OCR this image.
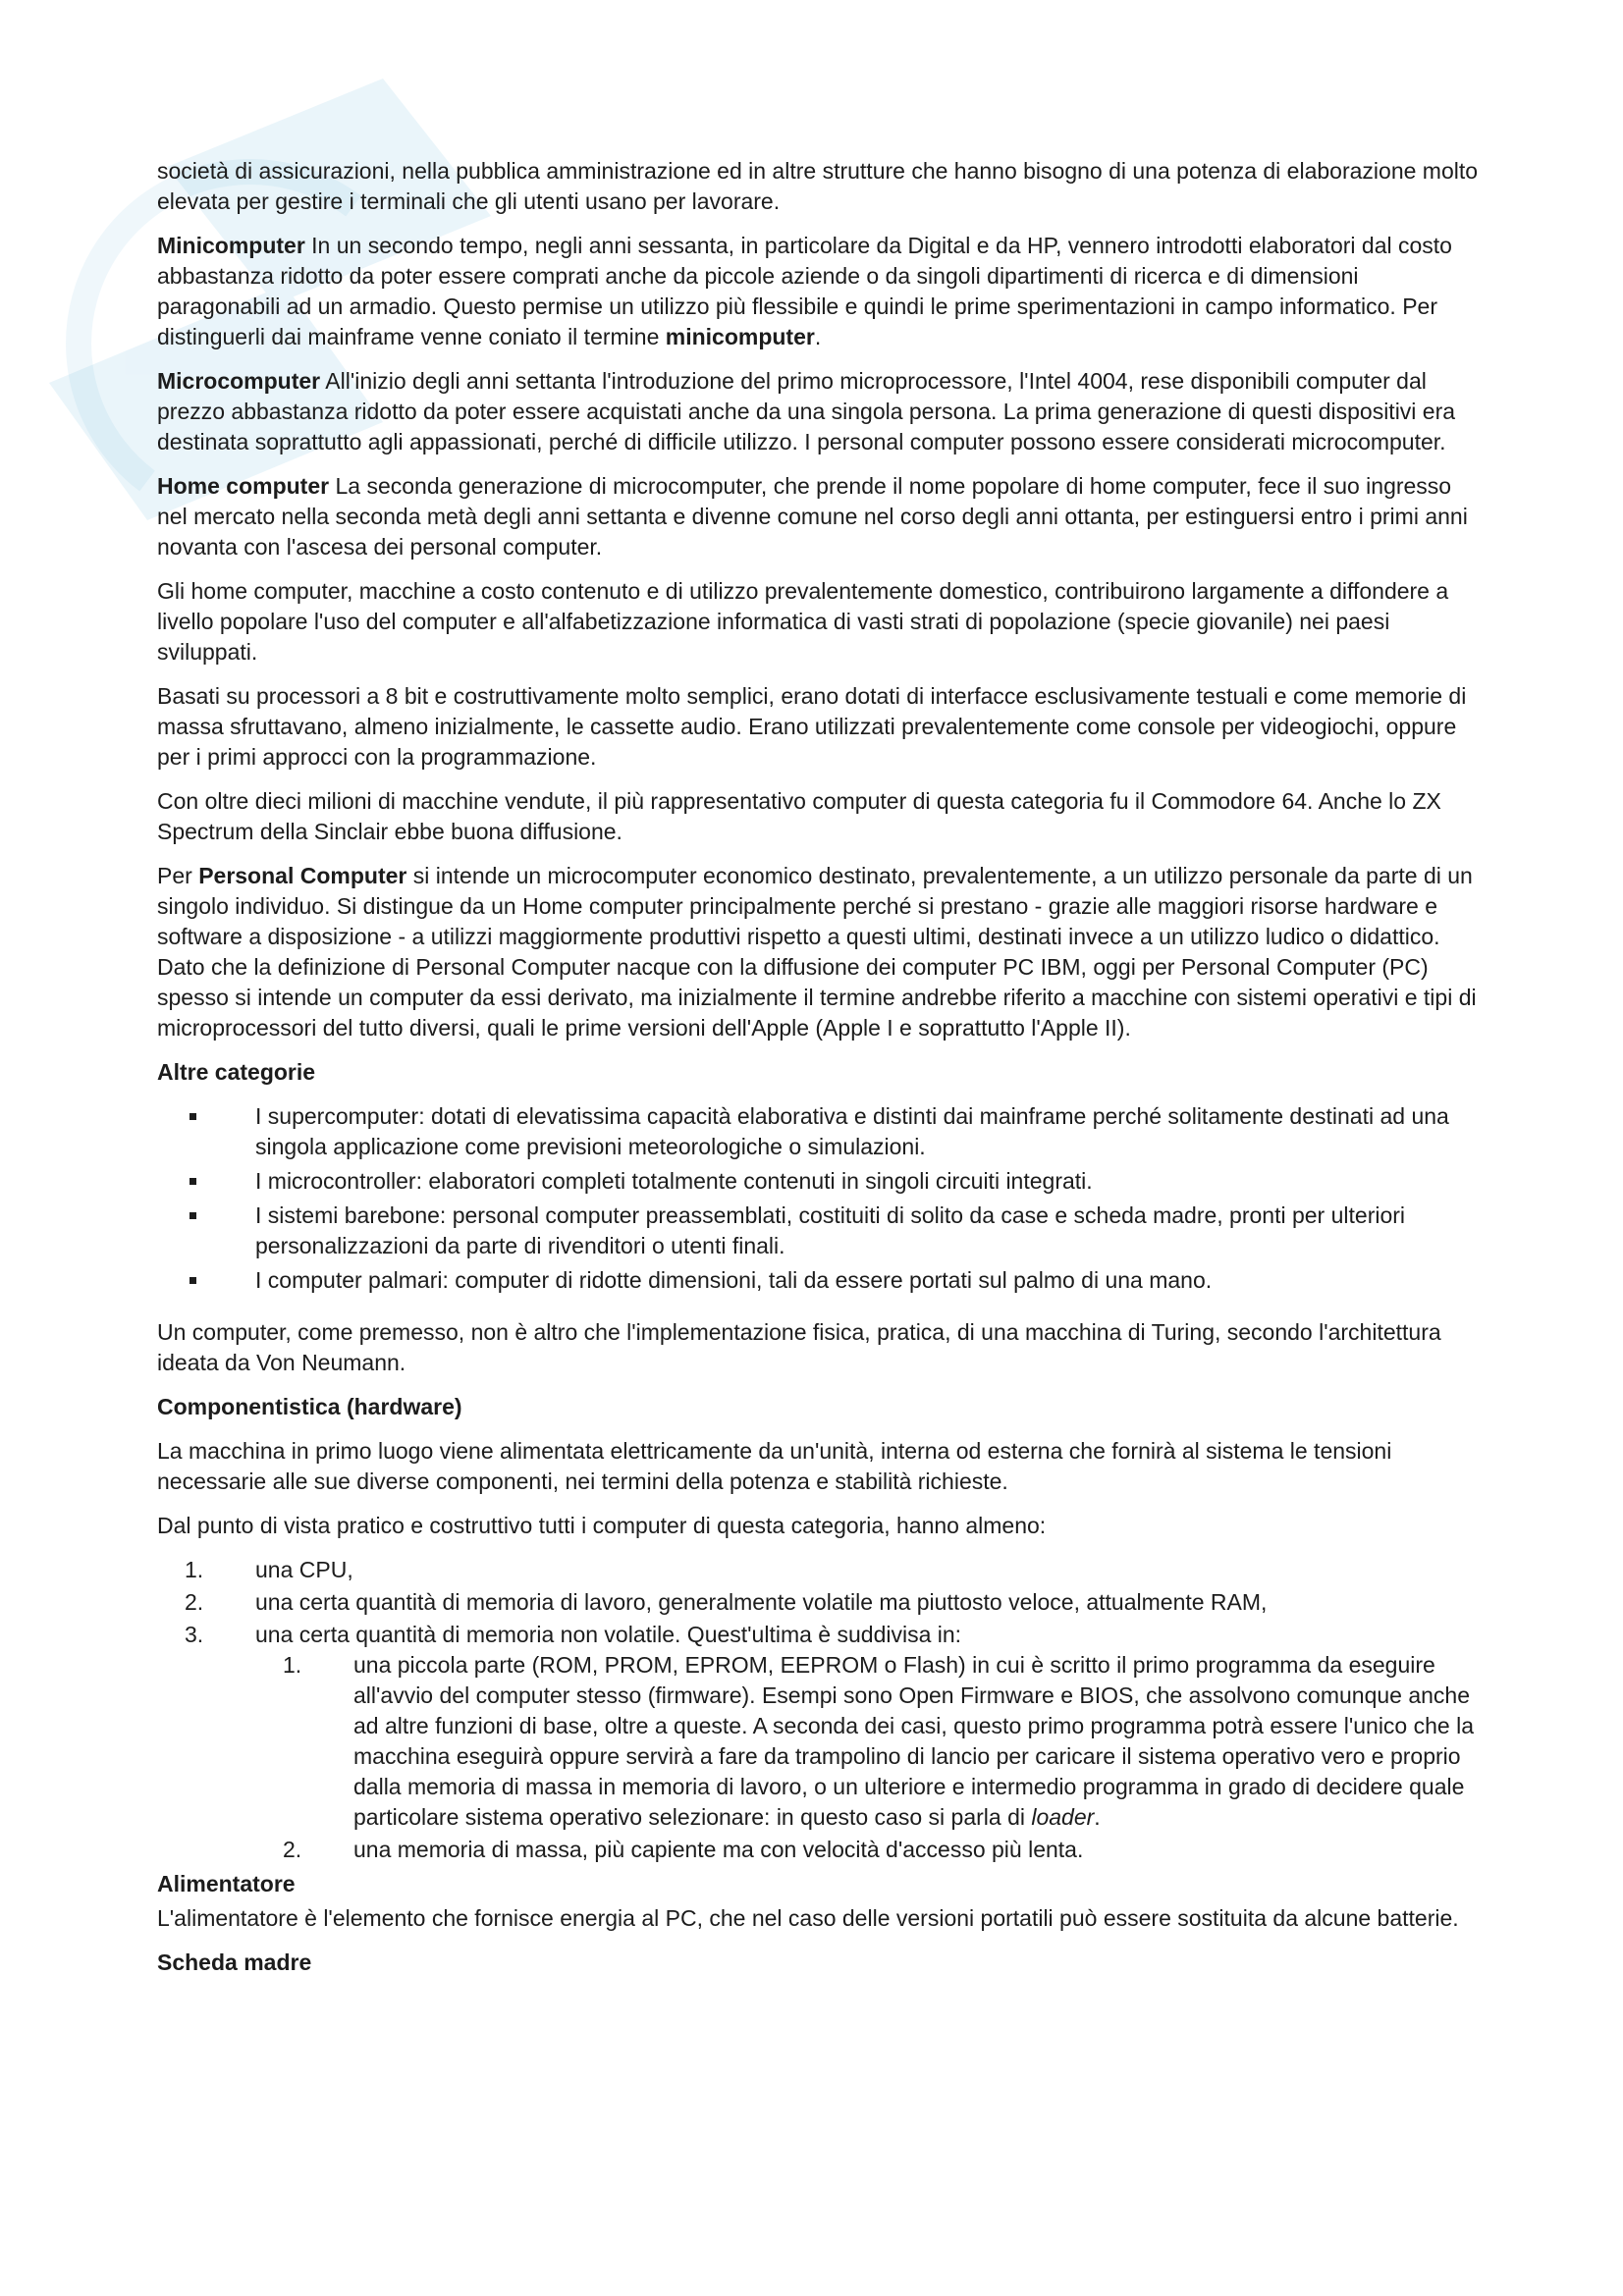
società di assicurazioni, nella pubblica amministrazione ed in altre strutture che hanno bisogno di una potenza di elaborazione molto elevata per gestire i terminali che gli utenti usano per lavorare.

Minicomputer In un secondo tempo, negli anni sessanta, in particolare da Digital e da HP, vennero introdotti elaboratori dal costo abbastanza ridotto da poter essere comprati anche da piccole aziende o da singoli dipartimenti di ricerca e di dimensioni paragonabili ad un armadio. Questo permise un utilizzo più flessibile e quindi le prime sperimentazioni in campo informatico. Per distinguerli dai mainframe venne coniato il termine minicomputer.

Microcomputer All'inizio degli anni settanta l'introduzione del primo microprocessore, l'Intel 4004, rese disponibili computer dal prezzo abbastanza ridotto da poter essere acquistati anche da una singola persona. La prima generazione di questi dispositivi era destinata soprattutto agli appassionati, perché di difficile utilizzo. I personal computer possono essere considerati microcomputer.

Home computer La seconda generazione di microcomputer, che prende il nome popolare di home computer, fece il suo ingresso nel mercato nella seconda metà degli anni settanta e divenne comune nel corso degli anni ottanta, per estinguersi entro i primi anni novanta con l'ascesa dei personal computer.

Gli home computer, macchine a costo contenuto e di utilizzo prevalentemente domestico, contribuirono largamente a diffondere a livello popolare l'uso del computer e all'alfabetizzazione informatica di vasti strati di popolazione (specie giovanile) nei paesi sviluppati.

Basati su processori a 8 bit e costruttivamente molto semplici, erano dotati di interfacce esclusivamente testuali e come memorie di massa sfruttavano, almeno inizialmente, le cassette audio. Erano utilizzati prevalentemente come console per videogiochi, oppure per i primi approcci con la programmazione.

Con oltre dieci milioni di macchine vendute, il più rappresentativo computer di questa categoria fu il Commodore 64. Anche lo ZX Spectrum della Sinclair ebbe buona diffusione.

Per Personal Computer si intende un microcomputer economico destinato, prevalentemente, a un utilizzo personale da parte di un singolo individuo. Si distingue da un Home computer principalmente perché si prestano - grazie alle maggiori risorse hardware e software a disposizione - a utilizzi maggiormente produttivi rispetto a questi ultimi, destinati invece a un utilizzo ludico o didattico. Dato che la definizione di Personal Computer nacque con la diffusione dei computer PC IBM, oggi per Personal Computer (PC) spesso si intende un computer da essi derivato, ma inizialmente il termine andrebbe riferito a macchine con sistemi operativi e tipi di microprocessori del tutto diversi, quali le prime versioni dell'Apple (Apple I e soprattutto l'Apple II).

Altre categorie
I supercomputer: dotati di elevatissima capacità elaborativa e distinti dai mainframe perché solitamente destinati ad una singola applicazione come previsioni meteorologiche o simulazioni.
I microcontroller: elaboratori completi totalmente contenuti in singoli circuiti integrati.
I sistemi barebone: personal computer preassemblati, costituiti di solito da case e scheda madre, pronti per ulteriori personalizzazioni da parte di rivenditori o utenti finali.
I computer palmari: computer di ridotte dimensioni, tali da essere portati sul palmo di una mano.

Un computer, come premesso, non è altro che l'implementazione fisica, pratica, di una macchina di Turing, secondo l'architettura ideata da Von Neumann.

Componentistica (hardware)

La macchina in primo luogo viene alimentata elettricamente da un'unità, interna od esterna che fornirà al sistema le tensioni necessarie alle sue diverse componenti, nei termini della potenza e stabilità richieste.

Dal punto di vista pratico e costruttivo tutti i computer di questa categoria, hanno almeno:

1. una CPU,
2. una certa quantità di memoria di lavoro, generalmente volatile ma piuttosto veloce, attualmente RAM,
3. una certa quantità di memoria non volatile. Quest'ultima è suddivisa in:
1. una piccola parte (ROM, PROM, EPROM, EEPROM o Flash) in cui è scritto il primo programma da eseguire all'avvio del computer stesso (firmware). Esempi sono Open Firmware e BIOS, che assolvono comunque anche ad altre funzioni di base, oltre a queste. A seconda dei casi, questo primo programma potrà essere l'unico che la macchina eseguirà oppure servirà a fare da trampolino di lancio per caricare il sistema operativo vero e proprio dalla memoria di massa in memoria di lavoro, o un ulteriore e intermedio programma in grado di decidere quale particolare sistema operativo selezionare: in questo caso si parla di loader.
2. una memoria di massa, più capiente ma con velocità d'accesso più lenta.
Alimentatore

L'alimentatore è l'elemento che fornisce energia al PC, che nel caso delle versioni portatili può essere sostituita da alcune batterie.

Scheda madre
